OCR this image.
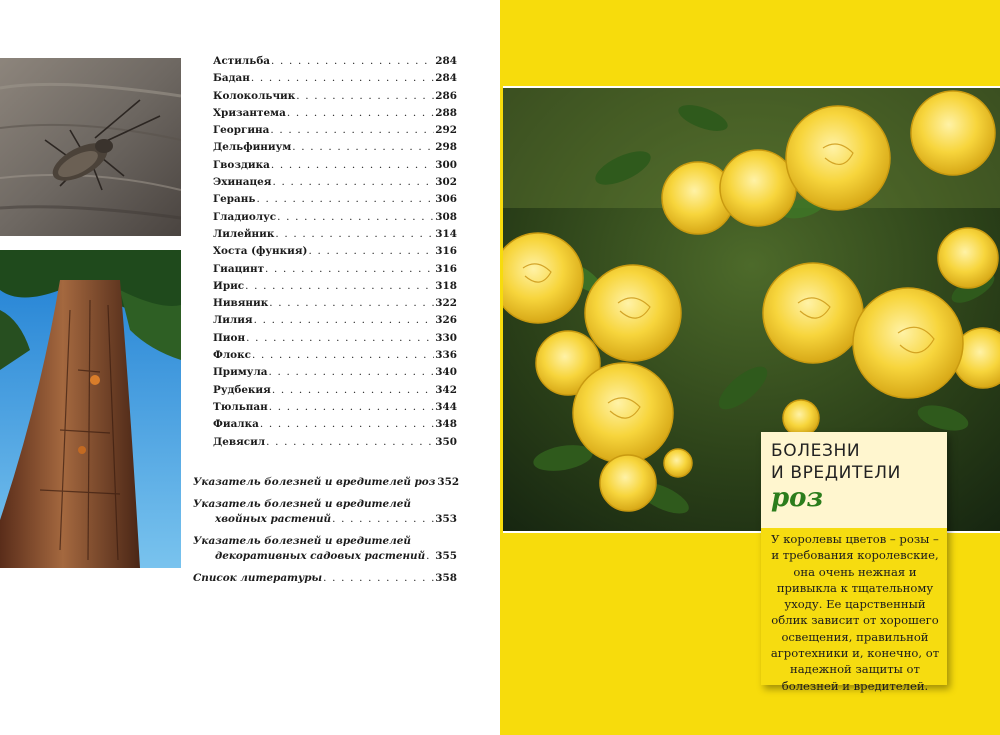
Астильба . . .	284
Бадан . . .	284
Колокольчик . . .	286
Хризантема . . .	288
Георгина . . .	292
Дельфиниум . . .	298
Гвоздика . . .	300
Эхинацея . . .	302
Герань . . .	306
Гладиолус . . .	308
Лилейник . . .	314
Хоста (функия) . . .	316
Гиацинт . . .	316
Ирис . . .	318
Нивяник . . .	322
Лилия . . .	326
Пион . . .	330
Флокс . . .	336
Примула . . .	340
Рудбекия . . .	342
Тюльпан . . .	344
Фиалка . . .	348
Девясил . . .	350
Указатель болезней и вредителей роз 352
Указатель болезней и вредителей
хвойных растений . . .	353
Указатель болезней и вредителей
декоративных садовых растений . . . 355
Список литературы . . .	358
БОЛЕЗНИ
И ВРЕДИТЕЛИ
роз

У королевы цветов – розы – и требования королевские, она очень нежная и привыкла к тщательному уходу. Ее царственный облик зависит от хорошего освещения, правильной агротехники и, конечно, от надежной защиты от болезней и вредителей.
